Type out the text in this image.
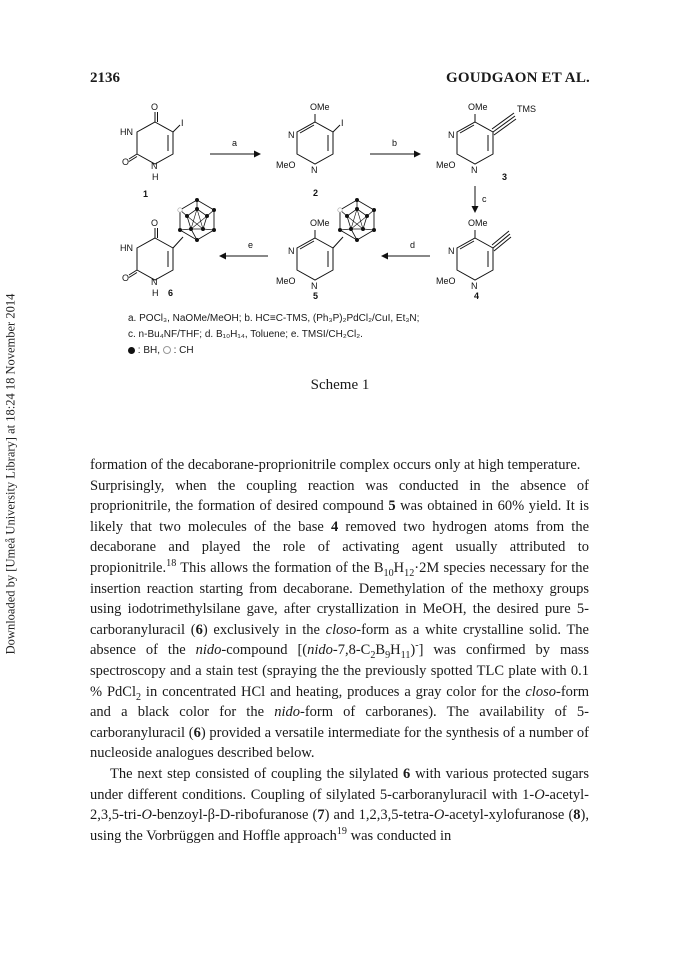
Downloaded by [Umeå University Library] at 18:24 18 November 2014
2136	GOUDGAON ET AL.
O
HN
I
O N
H
1
a
OMe
N
I
MeO N
2
b
OMe	TMS
N
MeO N
3
c
OMe
N
MeO N
4
d
OMe
N
MeO N
5
e
O
HN
O N
H 6
a. POCl₃, NaOMe/MeOH; b. HC≡C-TMS, (Ph₃P)₂PdCl₂/CuI, Et₃N;
c. n-Bu₄NF/THF; d. B₁₀H₁₄, Toluene; e. TMSI/CH₂Cl₂.
: BH, : CH
Scheme 1

formation of the decaborane-proprionitrile complex occurs only at high temperature.

Surprisingly, when the coupling reaction was conducted in the absence of proprionitrile, the formation of desired compound 5 was obtained in 60% yield. It is likely that two molecules of the base 4 removed two hydrogen atoms from the decaborane and played the role of activating agent usually attributed to propionitrile.$^{18}$ This allows the formation of the $B_{10}H_{12}\cdot 2M$ species necessary for the insertion reaction starting from decaborane. Demethylation of the methoxy groups using iodotrimethylsilane gave, after crystallization in MeOH, the desired pure 5-carboranyluracil (6) exclusively in the closo-form as a white crystalline solid. The absence of the nido-compound $[(nido-7,8-C_2B_9H_{11})^-]$ was confirmed by mass spectroscopy and a stain test (spraying the the previously spotted TLC plate with 0.1 % PdCl$_2$ in concentrated HCl and heating, produces a gray color for the closo-form and a black color for the nido-form of carboranes). The availability of 5-carboranyluracil (6) provided a versatile intermediate for the synthesis of a number of nucleoside analogues described below.

The next step consisted of coupling the silylated 6 with various protected sugars under different conditions. Coupling of silylated 5-carboranyluracil with 1-O-acetyl-2,3,5-tri-O-benzoyl-β-D-ribofuranose (7) and 1,2,3,5-tetra-O-acetyl-xylofuranose (8), using the Vorbrüggen and Hoffle approach$^{19}$ was conducted in
